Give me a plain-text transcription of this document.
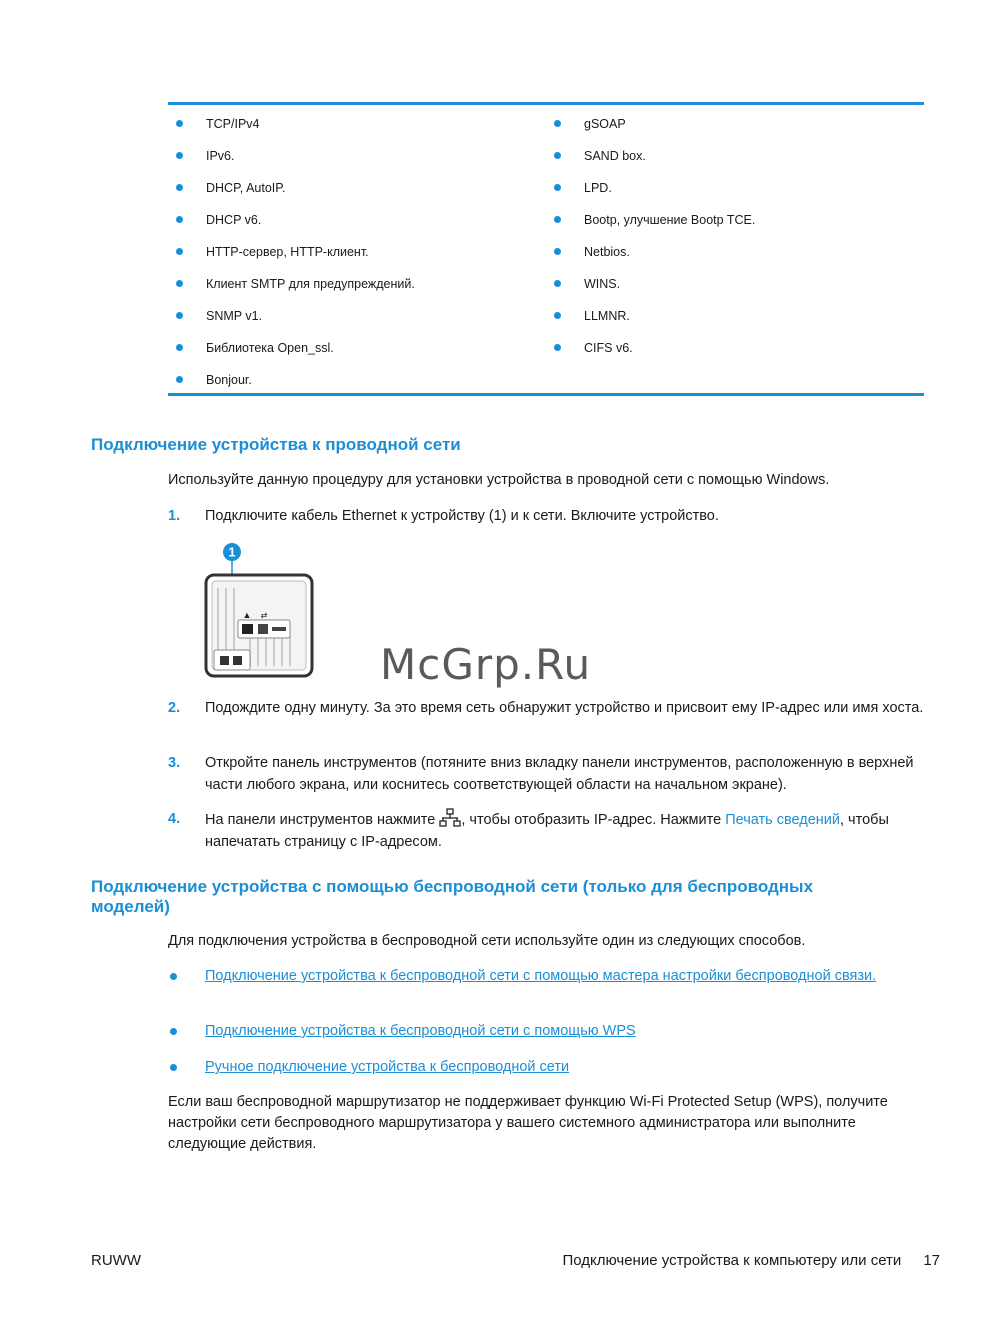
TCP/IPv4
IPv6.
DHCP, AutoIP.
DHCP v6.
HTTP-сервер, HTTP-клиент.
Клиент SMTP для предупреждений.
SNMP v1.
Библиотека Open_ssl.
Bonjour.
gSOAP
SAND box.
LPD.
Bootp, улучшение Bootp TCE.
Netbios.
WINS.
LLMNR.
CIFS v6.
Подключение устройства к проводной сети

Используйте данную процедуру для установки устройства в проводной сети с помощью Windows.

1. Подключите кабель Ethernet к устройству (1) и к сети. Включите устройство.
1
▲ ⇄
McGrp.Ru
2. Подождите одну минуту. За это время сеть обнаружит устройство и присвоит ему IP-адрес или имя хоста.
3. Откройте панель инструментов (потяните вниз вкладку панели инструментов, расположенную в верхней части любого экрана, или коснитесь соответствующей области на начальном экране).
4. На панели инструментов нажмите , чтобы отобразить IP-адрес. Нажмите Печать сведений, чтобы напечатать страницу с IP-адресом.
Подключение устройства с помощью беспроводной сети (только для беспроводных моделей)

Для подключения устройства в беспроводной сети используйте один из следующих способов.

Подключение устройства к беспроводной сети с помощью мастера настройки беспроводной связи.
Подключение устройства к беспроводной сети с помощью WPS
Ручное подключение устройства к беспроводной сети

Если ваш беспроводной маршрутизатор не поддерживает функцию Wi-Fi Protected Setup (WPS), получите настройки сети беспроводного маршрутизатора у вашего системного администратора или выполните следующие действия.

RUWW	Подключение устройства к компьютеру или сети 17
